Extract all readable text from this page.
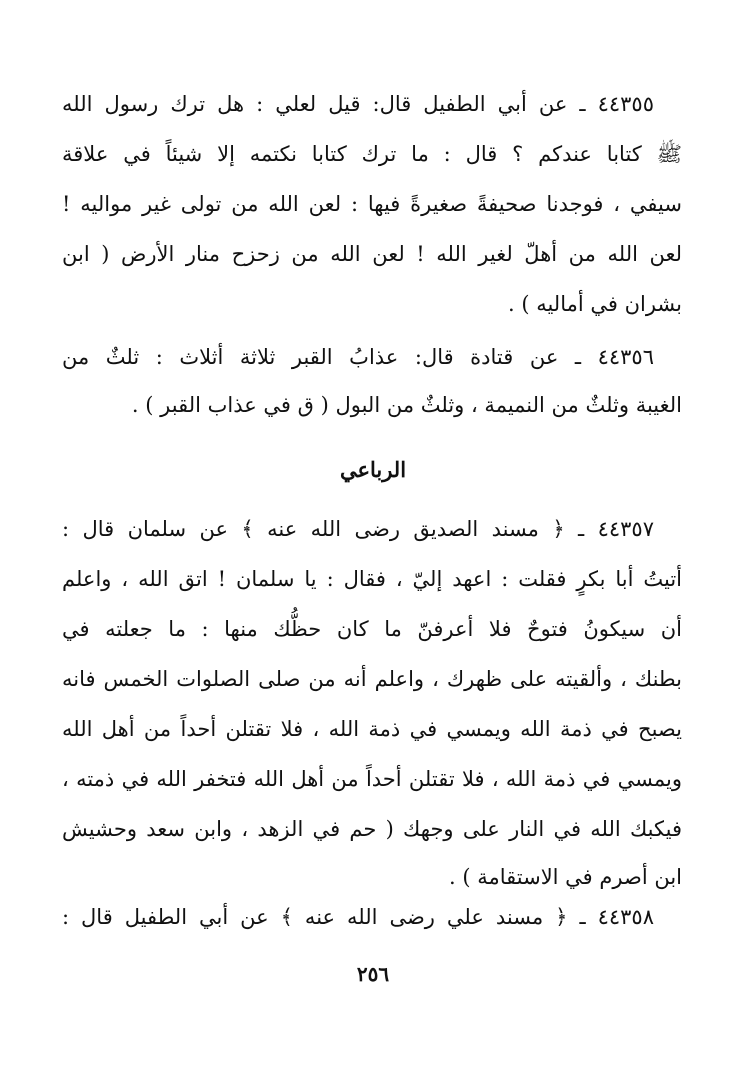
٤٤٣٥٥ ـ عن أبي الطفيل قال: قيل لعلي : هل ترك رسول الله
ﷺ كتابا عندكم ؟ قال : ما ترك كتابا نكتمه إلا شيئاً في علاقة
سيفي ، فوجدنا صحيفةً صغيرةً فيها : لعن الله من تولى غير مواليه !
لعن الله من أهلّ لغير الله ! لعن الله من زحزح منار الأرض ( ابن
بشران في أماليه ) .
٤٤٣٥٦ ـ عن قتادة قال: عذابُ القبر ثلاثة أثلاث : ثلثٌ من
الغيبة وثلثٌ من النميمة ، وثلثٌ من البول ( ق في عذاب القبر ) .
الرباعي
٤٤٣٥٧ ـ ﴿ مسند الصديق رضى الله عنه ﴾ عن سلمان قال :
أتيتُ أبا بكرٍ فقلت : اعهد إليّ ، فقال : يا سلمان ! اتق الله ، واعلم
أن سيكونُ فتوحٌ فلا أعرفنّ ما كان حظُّك منها : ما جعلته في
بطنك ، وألقيته على ظهرك ، واعلم أنه من صلى الصلوات الخمس فانه
يصبح في ذمة الله ويمسي في ذمة الله ، فلا تقتلن أحداً من أهل الله
ويمسي في ذمة الله ، فلا تقتلن أحداً من أهل الله فتخفر الله في ذمته ،
فيكبك الله في النار على وجهك ( حم في الزهد ، وابن سعد وحشيش
ابن أصرم في الاستقامة ) .
٤٤٣٥٨ ـ ﴿ مسند علي رضى الله عنه ﴾ عن أبي الطفيل قال :
٢٥٦
